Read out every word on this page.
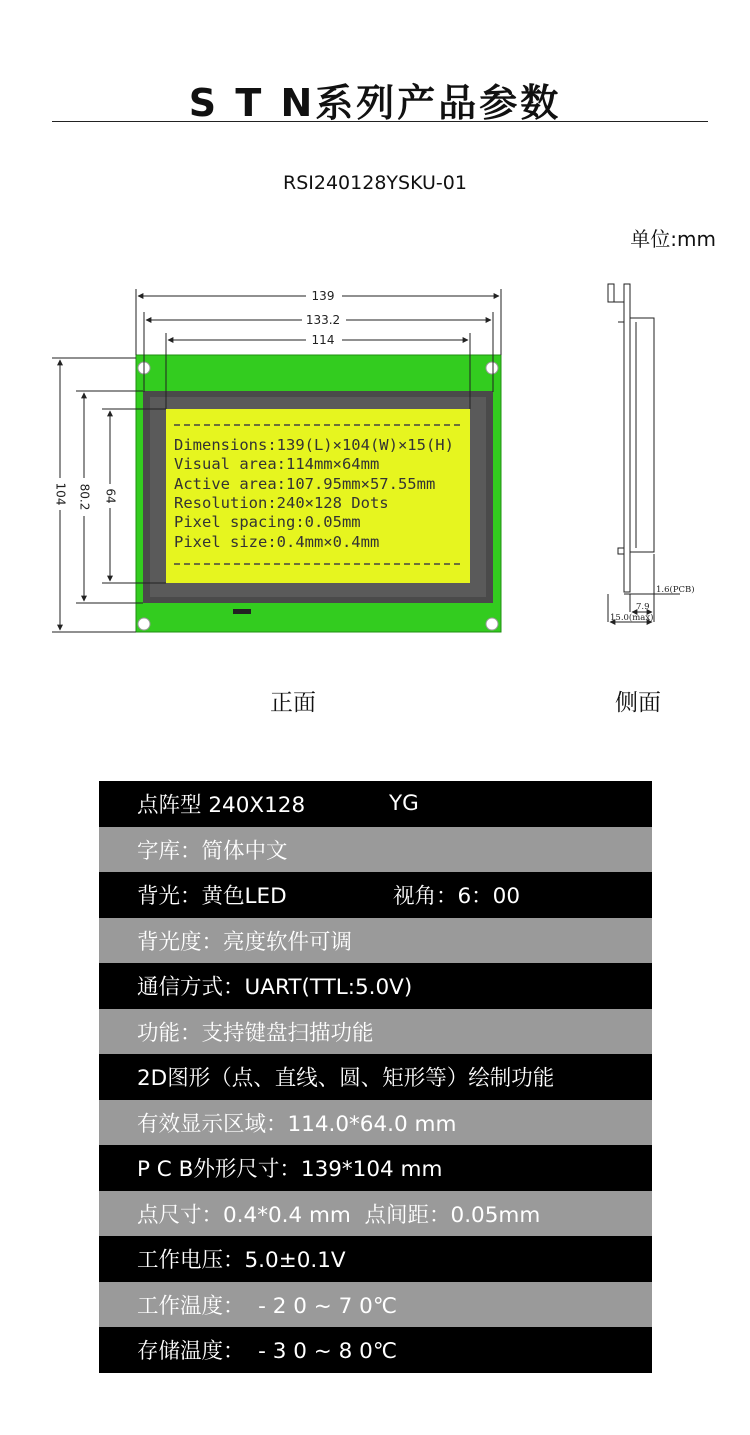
S T N系列产品参数
RSI240128YSKU-01
单位:mm
Dimensions:139(L)×104(W)×15(H)
Visual area:114mm×64mm
Active area:107.95mm×57.55mm
Resolution:240×128 Dots
Pixel spacing:0.05mm
Pixel size:0.4mm×0.4mm
139
133.2
114
104 80.2 64
1.6(PCB)
7.9
15.0(max)
正面	侧面
点阵型 240X128	YG
字库：简体中文
背光：黄色LED	视角：6：00
背光度：亮度软件可调
通信方式：UART(TTL:5.0V)
功能：支持键盘扫描功能
2D图形（点、直线、圆、矩形等）绘制功能
有效显示区域：114.0*64.0 mm
P C B外形尺寸：139*104 mm
点尺寸：0.4*0.4 mm  点间距：0.05mm
工作电压：5.0±0.1V
工作温度：  - 2 0 ~ 7 0℃
存储温度：  - 3 0 ~ 8 0℃
